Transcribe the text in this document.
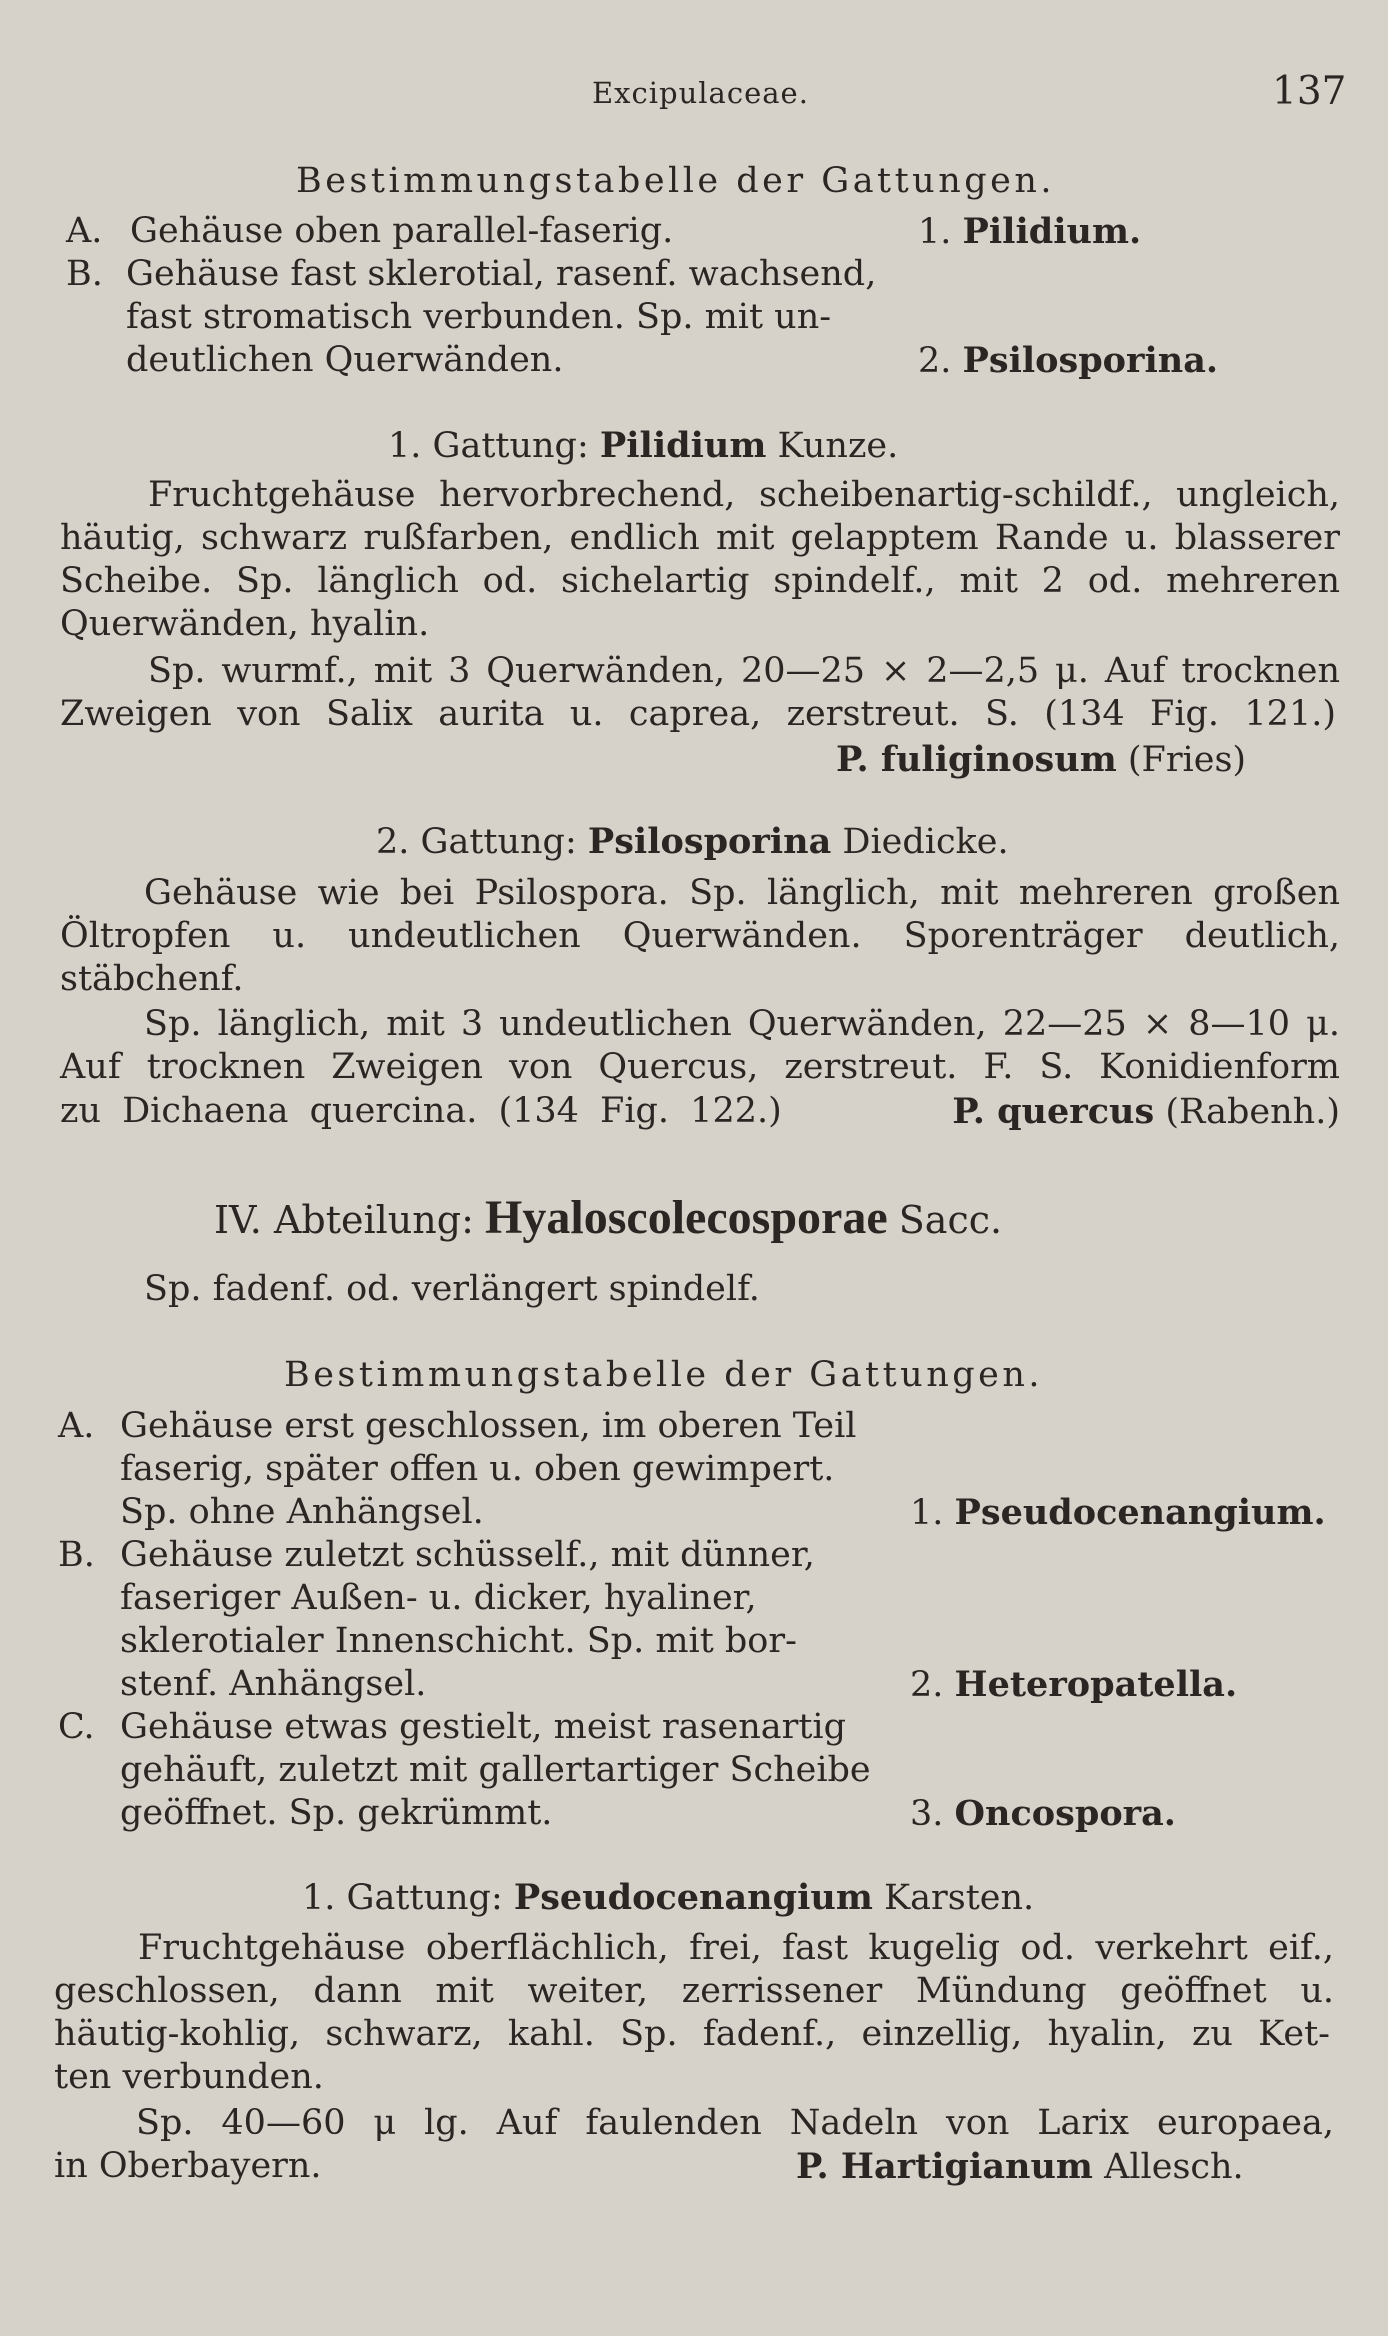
Excipulaceae.	137
Bestimmungstabelle der Gattungen.
A. Gehäuse oben parallel-faserig.	1. Pilidium.
B. Gehäuse fast sklerotial, rasenf. wachsend,
fast stromatisch verbunden. Sp. mit un-
deutlichen Querwänden.	2. Psilosporina.
1. Gattung: Pilidium Kunze.
Fruchtgehäuse hervorbrechend, scheibenartig-schildf., ungleich,
häutig, schwarz rußfarben, endlich mit gelapptem Rande u. blasserer
Scheibe. Sp. länglich od. sichelartig spindelf., mit 2 od. mehreren
Querwänden, hyalin.
Sp. wurmf., mit 3 Querwänden, 20—25 × 2—2,5 μ. Auf trocknen
Zweigen von Salix aurita u. caprea, zerstreut. S. (134 Fig. 121.)
P. fuliginosum (Fries)
2. Gattung: Psilosporina Diedicke.
Gehäuse wie bei Psilospora. Sp. länglich, mit mehreren großen
Öltropfen u. undeutlichen Querwänden. Sporenträger deutlich,
stäbchenf.
Sp. länglich, mit 3 undeutlichen Querwänden, 22—25 × 8—10 μ.
Auf trocknen Zweigen von Quercus, zerstreut. F. S. Konidienform
zu Dichaena quercina. (134 Fig. 122.)	P. quercus (Rabenh.)
IV. Abteilung: Hyaloscolecosporae Sacc.
Sp. fadenf. od. verlängert spindelf.
Bestimmungstabelle der Gattungen.
A. Gehäuse erst geschlossen, im oberen Teil
faserig, später offen u. oben gewimpert.
Sp. ohne Anhängsel.	1. Pseudocenangium.
B. Gehäuse zuletzt schüsself., mit dünner,
faseriger Außen- u. dicker, hyaliner,
sklerotialer Innenschicht. Sp. mit bor-
stenf. Anhängsel.	2. Heteropatella.
C. Gehäuse etwas gestielt, meist rasenartig
gehäuft, zuletzt mit gallertartiger Scheibe
geöffnet. Sp. gekrümmt.	3. Oncospora.
1. Gattung: Pseudocenangium Karsten.
Fruchtgehäuse oberflächlich, frei, fast kugelig od. verkehrt eif.,
geschlossen, dann mit weiter, zerrissener Mündung geöffnet u.
häutig-kohlig, schwarz, kahl. Sp. fadenf., einzellig, hyalin, zu Ket-
ten verbunden.
Sp. 40—60 μ lg. Auf faulenden Nadeln von Larix europaea,
in Oberbayern.	P. Hartigianum Allesch.
